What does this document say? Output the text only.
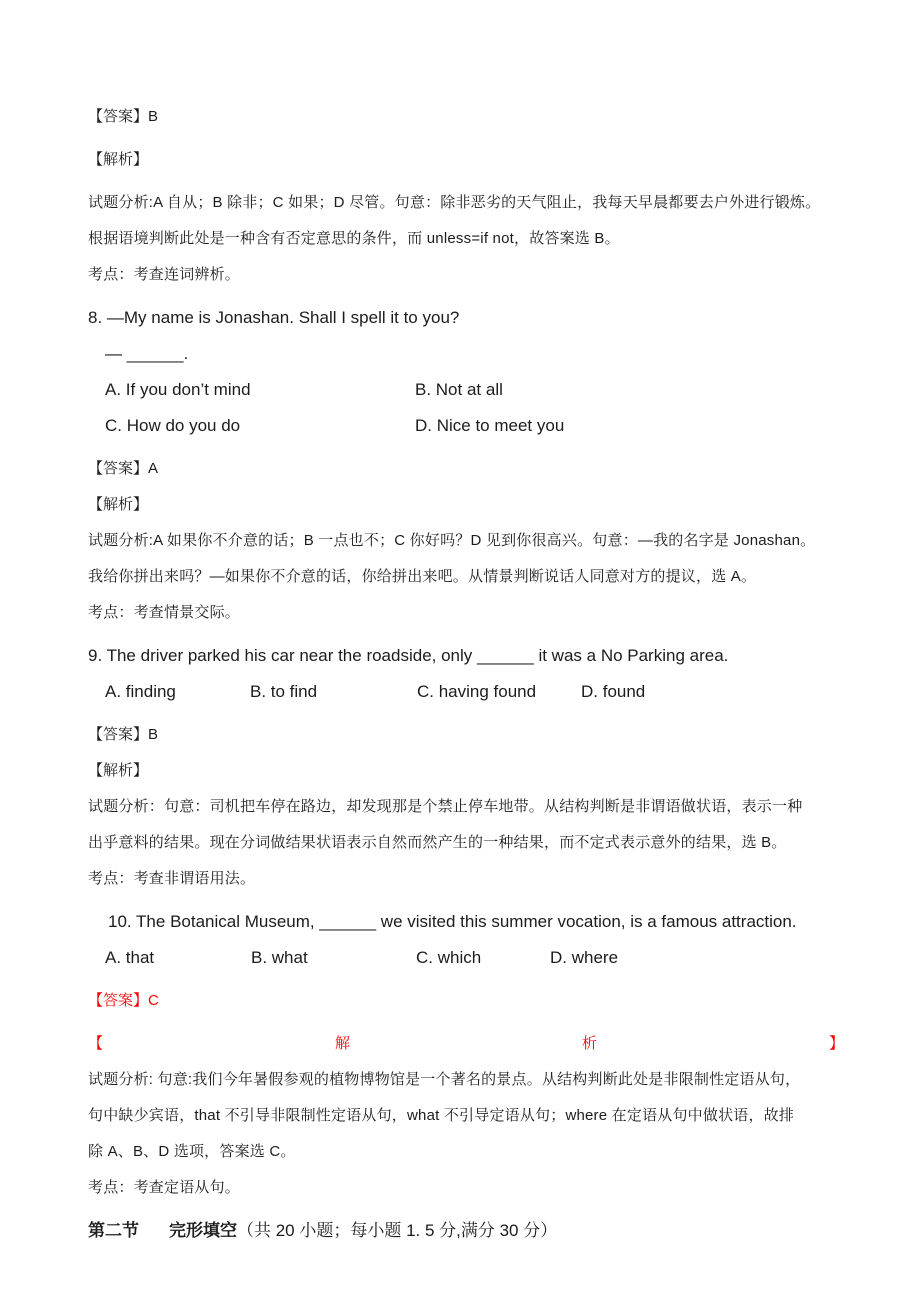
【答案】B
【解析】
试题分析:A 自从；B 除非；C 如果；D 尽管。句意：除非恶劣的天气阻止，我每天早晨都要去户外进行锻炼。
根据语境判断此处是一种含有否定意思的条件，而 unless=if not，故答案选 B。
考点：考查连词辨析。
8. —My name is Jonashan. Shall I spell it to you?
— ______.
A. If you don’t mind	B. Not at all
C. How do you do	D. Nice to meet you
【答案】A
【解析】
试题分析:A 如果你不介意的话；B 一点也不；C 你好吗？D 见到你很高兴。句意：—我的名字是 Jonashan。
我给你拼出来吗？—如果你不介意的话，你给拼出来吧。从情景判断说话人同意对方的提议，选 A。
考点：考查情景交际。
9. The driver parked his car near the roadside, only ______ it was a No Parking area.
A. finding	B. to find	C. having found	D. found
【答案】B
【解析】
试题分析：句意：司机把车停在路边，却发现那是个禁止停车地带。从结构判断是非谓语做状语，表示一种
出乎意料的结果。现在分词做结果状语表示自然而然产生的一种结果，而不定式表示意外的结果，选 B。
考点：考查非谓语用法。
10. The Botanical Museum, ______ we visited this summer vocation, is a famous attraction.
A. that	B. what	C. which	D. where
【答案】C
【	解	析	】
试题分析: 句意:我们今年暑假参观的植物博物馆是一个著名的景点。从结构判断此处是非限制性定语从句，
句中缺少宾语，that 不引导非限制性定语从句，what 不引导定语从句；where 在定语从句中做状语，故排
除 A、B、D 选项，答案选 C。
考点：考查定语从句。
第二节 完形填空（共 20 小题；每小题 1. 5 分,满分 30 分）
